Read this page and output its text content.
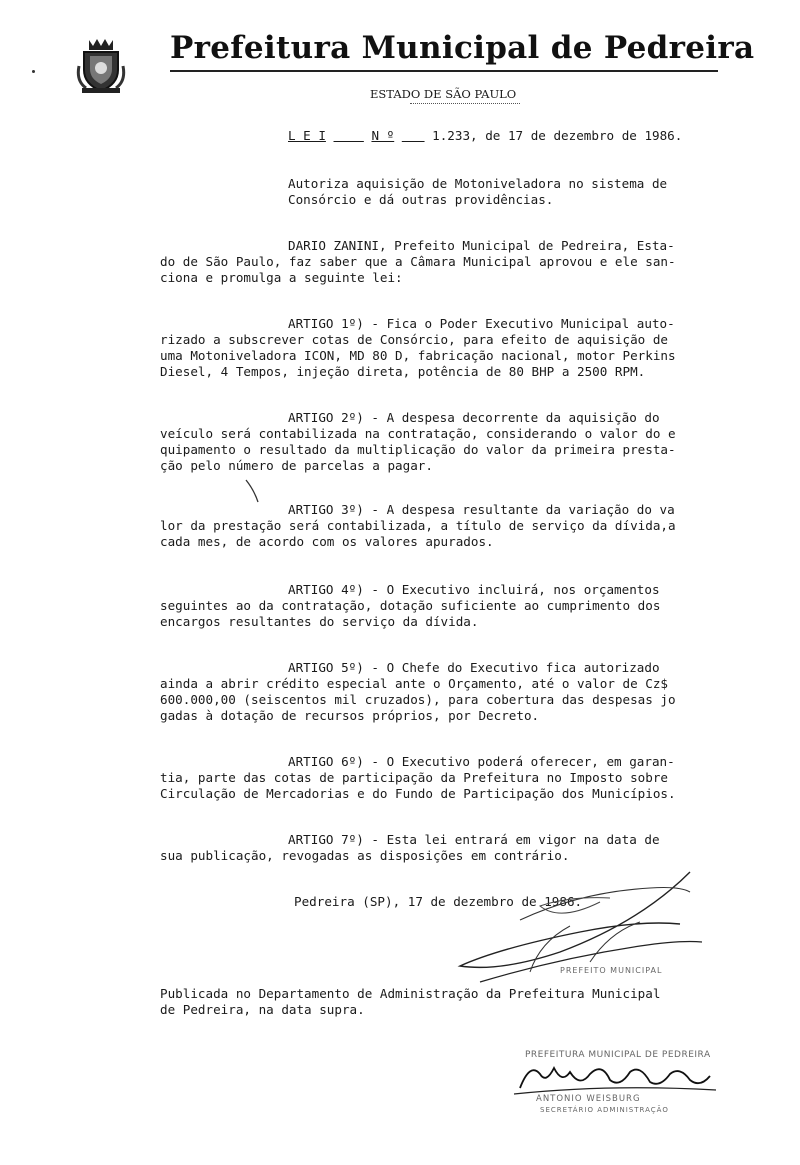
Prefeitura Municipal de Pedreira
ESTADO DE SÃO PAULO
L E I	N º	1.233, de 17 de dezembro de 1986.
Autoriza aquisição de Motoniveladora no sistema de
Consórcio e dá outras providências.
DARIO ZANINI, Prefeito Municipal de Pedreira, Esta-
do de São Paulo, faz saber que a Câmara Municipal aprovou e ele san-
ciona e promulga a seguinte lei:
ARTIGO 1º) - Fica o Poder Executivo Municipal auto-
rizado a subscrever cotas de Consórcio, para efeito de aquisição de
uma Motoniveladora ICON, MD 80 D, fabricação nacional, motor Perkins
Diesel, 4 Tempos, injeção direta, potência de 80 BHP a 2500 RPM.
ARTIGO 2º) - A despesa decorrente da aquisição do
veículo será contabilizada na contratação, considerando o valor do e
quipamento o resultado da multiplicação do valor da primeira presta-
ção pelo número de parcelas a pagar.
ARTIGO 3º) - A despesa resultante da variação do va
lor da prestação será contabilizada, a título de serviço da dívida,a
cada mes, de acordo com os valores apurados.
ARTIGO 4º) - O Executivo incluirá, nos orçamentos
seguintes ao da contratação, dotação suficiente ao cumprimento dos
encargos resultantes do serviço da dívida.
ARTIGO 5º) - O Chefe do Executivo fica autorizado
ainda a abrir crédito especial ante o Orçamento, até o valor de Cz$
600.000,00 (seiscentos mil cruzados), para cobertura das despesas jo
gadas à dotação de recursos próprios, por Decreto.
ARTIGO 6º) - O Executivo poderá oferecer, em garan-
tia, parte das cotas de participação da Prefeitura no Imposto sobre
Circulação de Mercadorias e do Fundo de Participação dos Municípios.
ARTIGO 7º) - Esta lei entrará em vigor na data de
sua publicação, revogadas as disposições em contrário.
Pedreira (SP), 17 de dezembro de 1986.
PREFEITO MUNICIPAL
Publicada no Departamento de Administração da Prefeitura Municipal
de Pedreira, na data supra.
PREFEITURA MUNICIPAL DE PEDREIRA
ANTONIO WEISBURG
SECRETÁRIO ADMINISTRAÇÃO
